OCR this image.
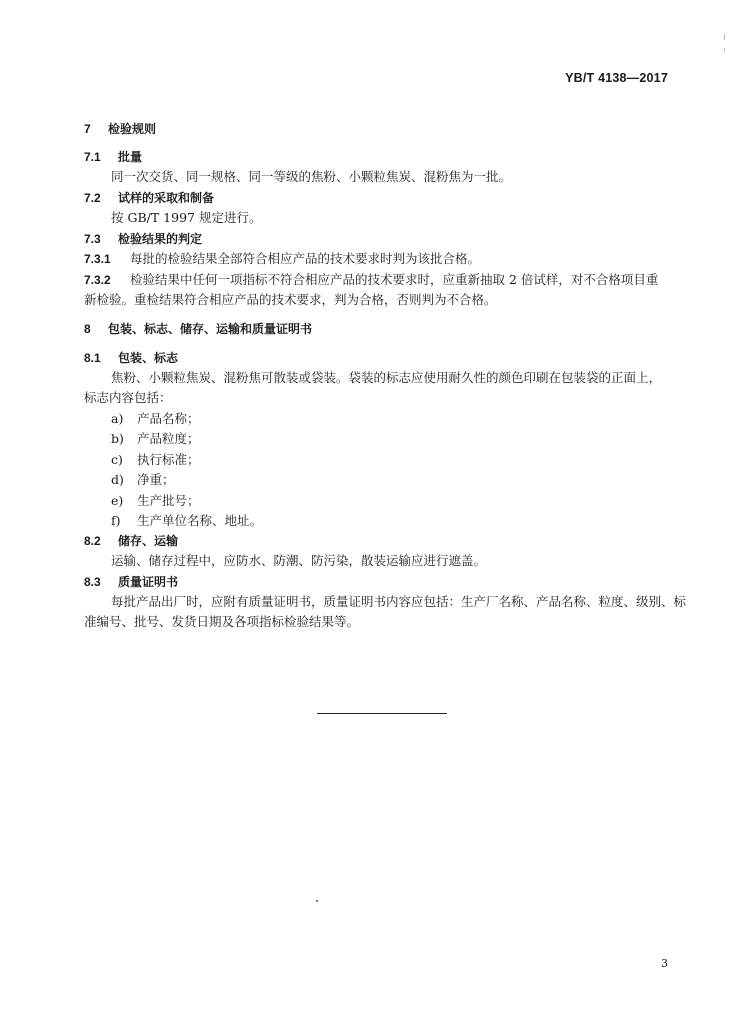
YB/T 4138—2017
7 检验规则
7.1 批量
同一次交货、同一规格、同一等级的焦粉、小颗粒焦炭、混粉焦为一批。
7.2 试样的采取和制备
按 GB/T 1997 规定进行。
7.3 检验结果的判定
7.3.1 每批的检验结果全部符合相应产品的技术要求时判为该批合格。
7.3.2 检验结果中任何一项指标不符合相应产品的技术要求时，应重新抽取 2 倍试样，对不合格项目重
新检验。重检结果符合相应产品的技术要求，判为合格，否则判为不合格。
8 包装、标志、储存、运输和质量证明书
8.1 包装、标志
焦粉、小颗粒焦炭、混粉焦可散装或袋装。袋装的标志应使用耐久性的颜色印刷在包装袋的正面上，
标志内容包括：
a) 产品名称；
b) 产品粒度；
c) 执行标准；
d) 净重；
e) 生产批号；
f) 生产单位名称、地址。
8.2 储存、运输
运输、储存过程中，应防水、防潮、防污染，散装运输应进行遮盖。
8.3 质量证明书
每批产品出厂时，应附有质量证明书，质量证明书内容应包括：生产厂名称、产品名称、粒度、级别、标
准编号、批号、发货日期及各项指标检验结果等。
3
